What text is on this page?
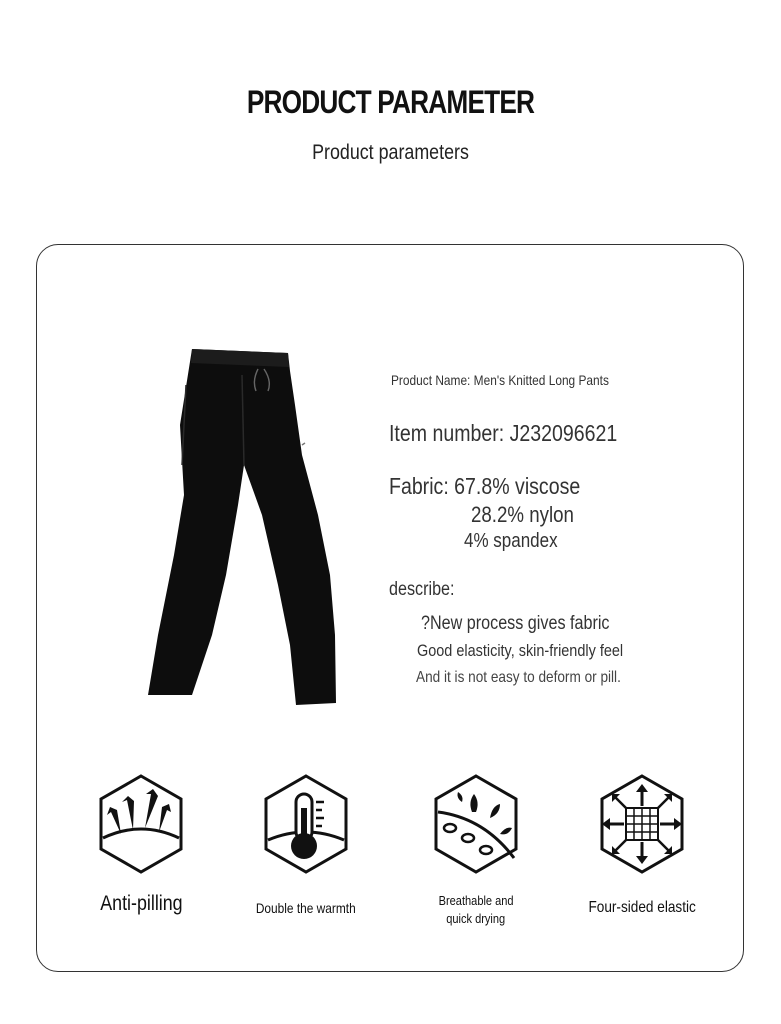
PRODUCT PARAMETER
Product parameters
Product Name: Men's Knitted Long Pants
Item number: J232096621
Fabric: 67.8% viscose
28.2% nylon
4% spandex
describe:
?New process gives fabric
Good elasticity, skin-friendly feel
And it is not easy to deform or pill.
Anti-pilling	Double the warmth	Breathable and
quick drying
Four-sided elastic
